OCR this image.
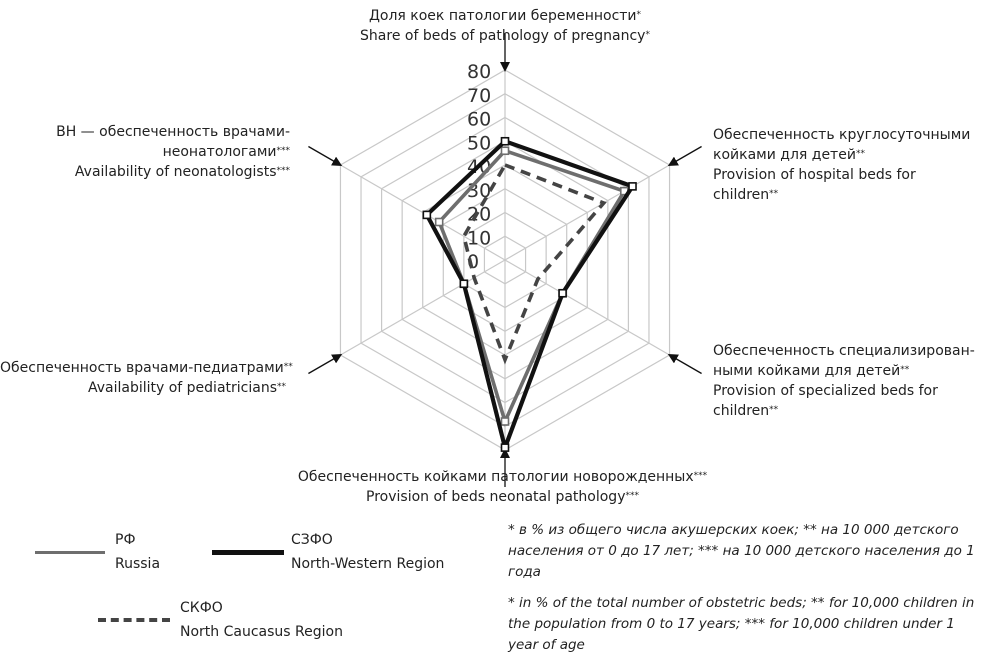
80
70
60
50
40
30
20
10
0
Доля коек патологии беременности*
Share of beds of pathology of pregnancy*
Обеспеченность круглосуточными
койками для детей**
Provision of hospital beds for
children**
Обеспеченность специализирован-
ными койками для детей**
Provision of specialized beds for
children**
Обеспеченность койками патологии новорожденных***
Provision of beds neonatal pathology***
Обеспеченность врачами-педиатрами**
Availability of pediatricians**
ВН — обеспеченность врачами-
неонатологами***
Availability of neonatologists***
РФ
Russia
СЗФО
North-Western Region
СКФО
North Caucasus Region

* в % из общего числа акушерских коек; ** на 10 000 детского населения от 0 до 17 лет; *** на 10 000 детского населения до 1 года

* in % of the total number of obstetric beds; ** for 10,000 children in the population from 0 to 17 years; *** for 10,000 children under 1 year of age
